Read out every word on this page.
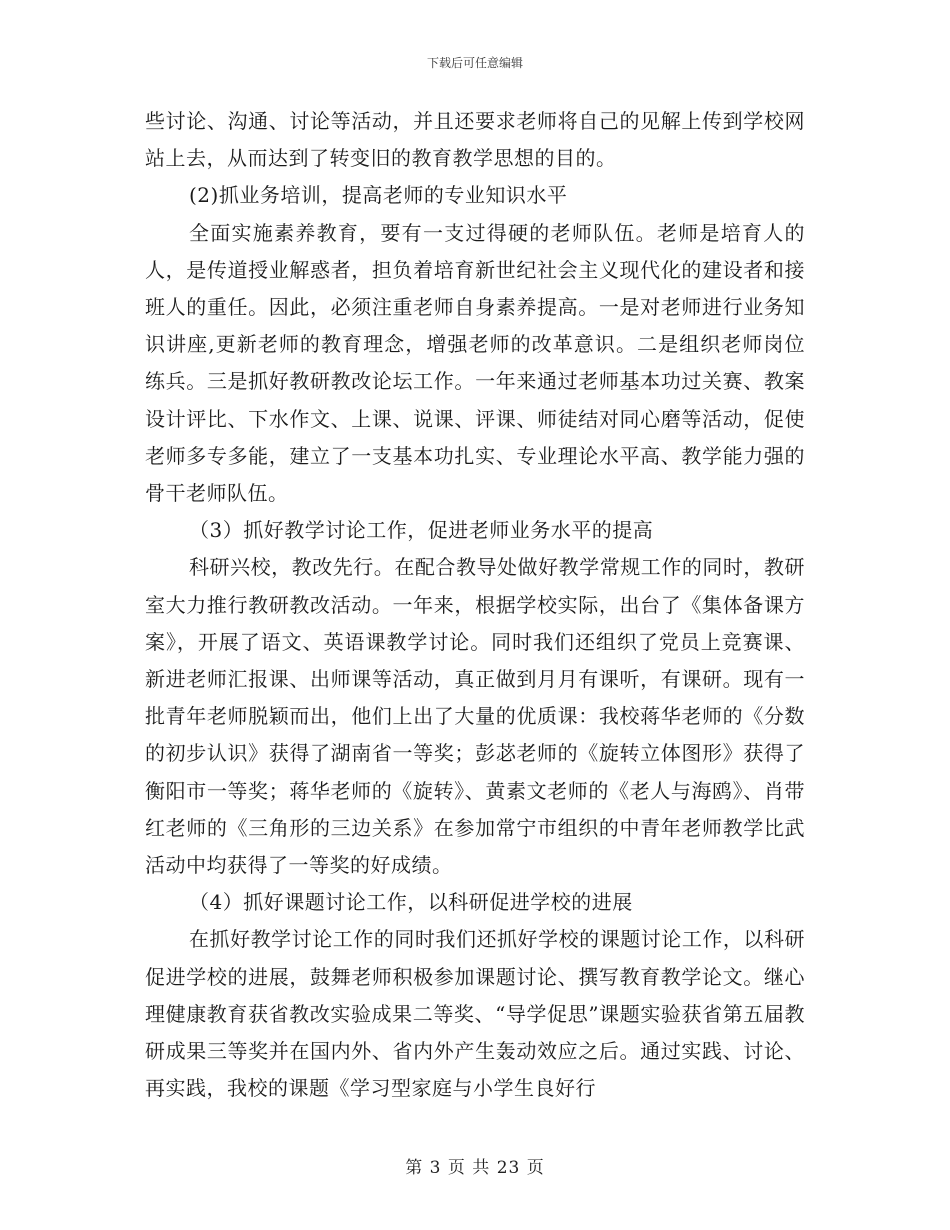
下载后可任意编辑

些讨论、沟通、讨论等活动，并且还要求老师将自己的见解上传到学校网站上去，从而达到了转变旧的教育教学思想的目的。

(2)抓业务培训，提高老师的专业知识水平

全面实施素养教育，要有一支过得硬的老师队伍。老师是培育人的人，是传道授业解惑者，担负着培育新世纪社会主义现代化的建设者和接班人的重任。因此，必须注重老师自身素养提高。一是对老师进行业务知识讲座,更新老师的教育理念，增强老师的改革意识。二是组织老师岗位练兵。三是抓好教研教改论坛工作。一年来通过老师基本功过关赛、教案设计评比、下水作文、上课、说课、评课、师徒结对同心磨等活动，促使老师多专多能，建立了一支基本功扎实、专业理论水平高、教学能力强的骨干老师队伍。

（3）抓好教学讨论工作，促进老师业务水平的提高

科研兴校，教改先行。在配合教导处做好教学常规工作的同时，教研室大力推行教研教改活动。一年来，根据学校实际，出台了《集体备课方案》，开展了语文、英语课教学讨论。同时我们还组织了党员上竞赛课、新进老师汇报课、出师课等活动，真正做到月月有课听，有课研。现有一批青年老师脱颖而出，他们上出了大量的优质课：我校蒋华老师的《分数的初步认识》获得了湖南省一等奖；彭苾老师的《旋转立体图形》获得了衡阳市一等奖；蒋华老师的《旋转》、黄素文老师的《老人与海鸥》、肖带红老师的《三角形的三边关系》在参加常宁市组织的中青年老师教学比武活动中均获得了一等奖的好成绩。

（4）抓好课题讨论工作，以科研促进学校的进展

在抓好教学讨论工作的同时我们还抓好学校的课题讨论工作，以科研促进学校的进展，鼓舞老师积极参加课题讨论、撰写教育教学论文。继心理健康教育获省教改实验成果二等奖、“导学促思”课题实验获省第五届教研成果三等奖并在国内外、省内外产生轰动效应之后。通过实践、讨论、再实践，我校的课题《学习型家庭与小学生良好行

第 3 页 共 23 页
